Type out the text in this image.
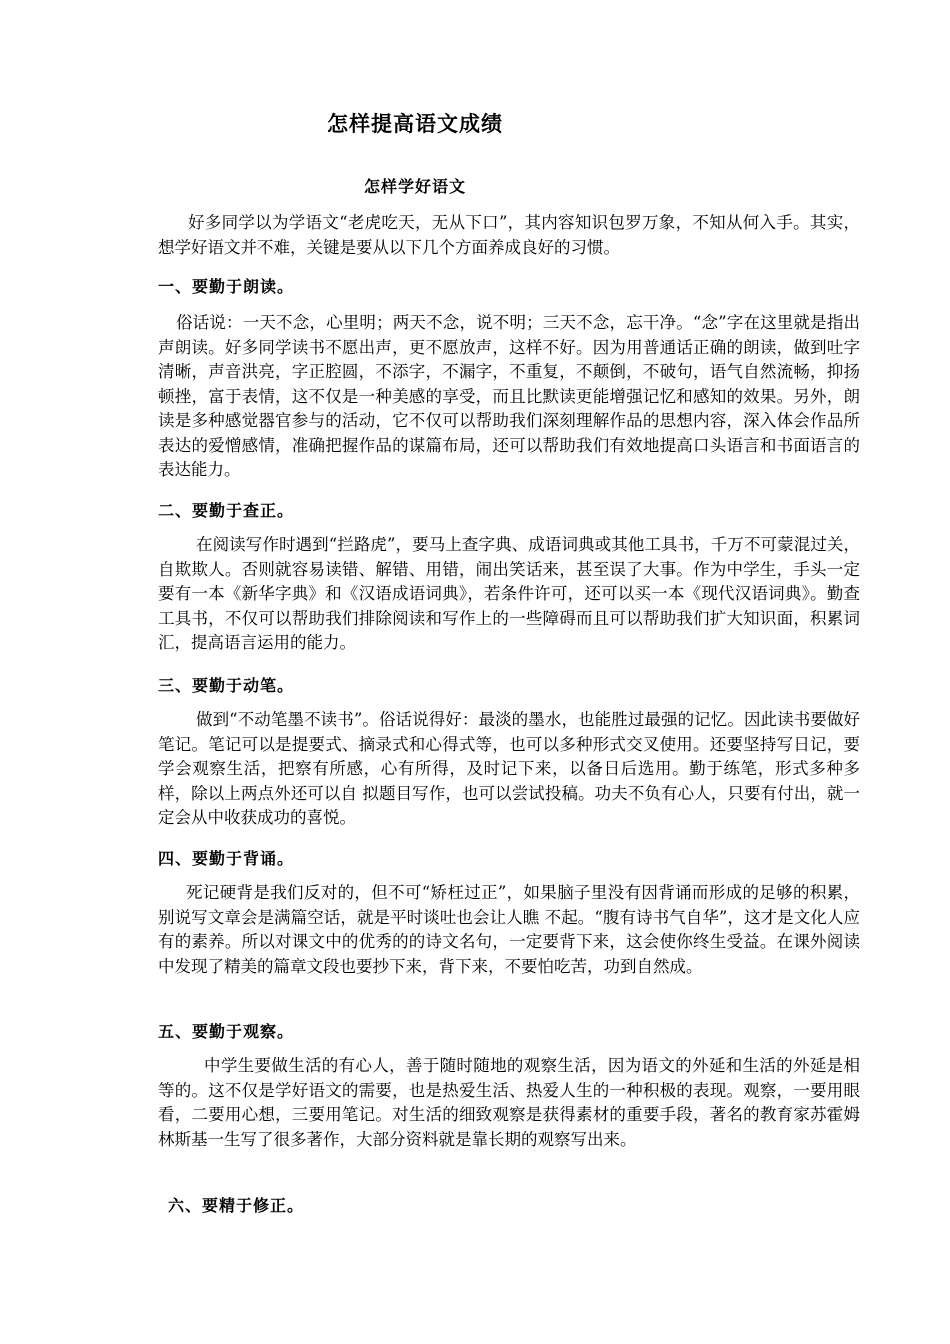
怎样提高语文成绩
怎样学好语文
好多同学以为学语文“老虎吃天，无从下口”，其内容知识包罗万象，不知从何入手。其实，想学好语文并不难，关键是要从以下几个方面养成良好的习惯。
一、要勤于朗读。
俗话说：一天不念，心里明；两天不念，说不明；三天不念，忘干净。“念”字在这里就是指出声朗读。好多同学读书不愿出声，更不愿放声，这样不好。因为用普通话正确的朗读，做到吐字清晰，声音洪亮，字正腔圆，不添字，不漏字，不重复，不颠倒，不破句，语气自然流畅，抑扬顿挫，富于表情，这不仅是一种美感的享受，而且比默读更能增强记忆和感知的效果。另外，朗读是多种感觉器官参与的活动，它不仅可以帮助我们深刻理解作品的思想内容，深入体会作品所表达的爱憎感情，准确把握作品的谋篇布局，还可以帮助我们有效地提高口头语言和书面语言的表达能力。
二、要勤于查正。
在阅读写作时遇到“拦路虎”，要马上查字典、成语词典或其他工具书，千万不可蒙混过关，自欺欺人。否则就容易读错、解错、用错，闹出笑话来，甚至误了大事。作为中学生，手头一定要有一本《新华字典》和《汉语成语词典》，若条件许可，还可以买一本《现代汉语词典》。勤查工具书，不仅可以帮助我们排除阅读和写作上的一些障碍而且可以帮助我们扩大知识面，积累词汇，提高语言运用的能力。
三、要勤于动笔。
做到“不动笔墨不读书”。俗话说得好：最淡的墨水，也能胜过最强的记忆。因此读书要做好笔记。笔记可以是提要式、摘录式和心得式等，也可以多种形式交叉使用。还要坚持写日记，要学会观察生活，把察有所感，心有所得，及时记下来，以备日后选用。勤于练笔，形式多种多样，除以上两点外还可以自 拟题目写作，也可以尝试投稿。功夫不负有心人，只要有付出，就一定会从中收获成功的喜悦。
四、要勤于背诵。
死记硬背是我们反对的，但不可“矫枉过正”，如果脑子里没有因背诵而形成的足够的积累，别说写文章会是满篇空话，就是平时谈吐也会让人瞧 不起。“腹有诗书气自华”，这才是文化人应有的素养。所以对课文中的优秀的的诗文名句，一定要背下来，这会使你终生受益。在课外阅读中发现了精美的篇章文段也要抄下来，背下来，不要怕吃苦，功到自然成。
五、要勤于观察。
中学生要做生活的有心人，善于随时随地的观察生活，因为语文的外延和生活的外延是相等的。这不仅是学好语文的需要，也是热爱生活、热爱人生的一种积极的表现。观察，一要用眼看，二要用心想，三要用笔记。对生活的细致观察是获得素材的重要手段，著名的教育家苏霍姆林斯基一生写了很多著作，大部分资料就是靠长期的观察写出来。
六、要精于修正。
